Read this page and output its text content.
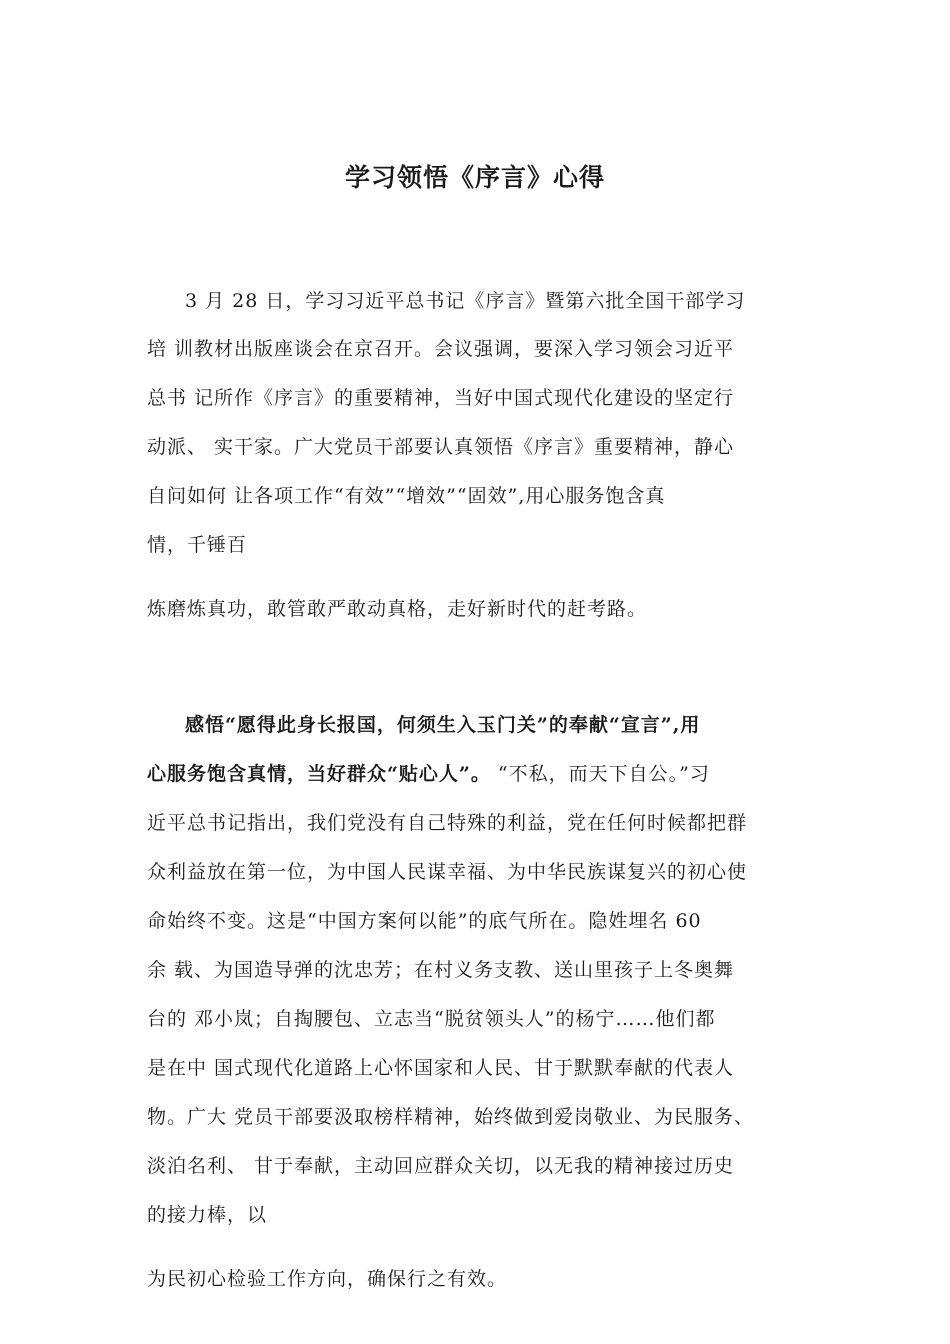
学习领悟《序言》心得

3 月 28 日，学习习近平总书记《序言》暨第六批全国干部学习

培 训教材出版座谈会在京召开。会议强调，要深入学习领会习近平

总书 记所作《序言》的重要精神，当好中国式现代化建设的坚定行

动派、 实干家。广大党员干部要认真领悟《序言》重要精神，静心

自问如何 让各项工作“有效”“增效”“固效”,用心服务饱含真

情，千锤百

炼磨炼真功，敢管敢严敢动真格，走好新时代的赶考路。

感悟“愿得此身长报国，何须生入玉门关”的奉献“宣言”,用

心服务饱含真情，当好群众“贴心人”。 “不私，而天下自公。”习

近平总书记指出，我们党没有自己特殊的利益，党在任何时候都把群

众利益放在第一位，为中国人民谋幸福、为中华民族谋复兴的初心使

命始终不变。这是“中国方案何以能”的底气所在。隐姓埋名 60

余 载、为国造导弹的沈忠芳；在村义务支教、送山里孩子上冬奥舞

台的 邓小岚；自掏腰包、立志当“脱贫领头人”的杨宁……他们都

是在中 国式现代化道路上心怀国家和人民、甘于默默奉献的代表人

物。广大 党员干部要汲取榜样精神，始终做到爱岗敬业、为民服务、

淡泊名利、 甘于奉献，主动回应群众关切，以无我的精神接过历史

的接力棒，以

为民初心检验工作方向，确保行之有效。
